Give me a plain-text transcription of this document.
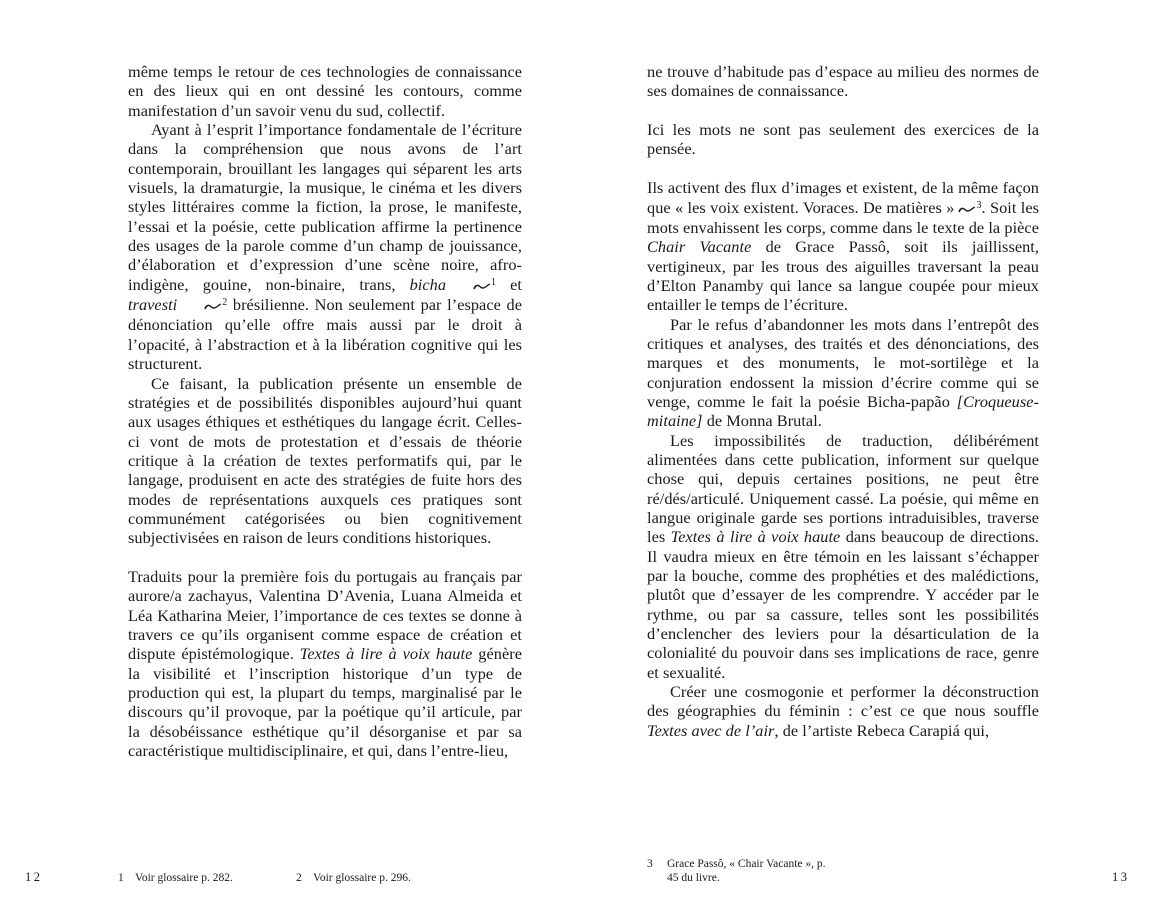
même temps le retour de ces technologies de connaissance en des lieux qui en ont dessiné les contours, comme manifestation d’un savoir venu du sud, collectif.

Ayant à l’esprit l’importance fondamentale de l’écriture dans la compréhension que nous avons de l’art contemporain, brouillant les langages qui séparent les arts visuels, la dramaturgie, la musique, le cinéma et les divers styles littéraires comme la fiction, la prose, le manifeste, l’essai et la poésie, cette publication affirme la pertinence des usages de la parole comme d’un champ de jouissance, d’élaboration et d’expression d’une scène noire, afro-indigène, gouine, non-binaire, trans, bicha	$^1$ et travesti	$^2$ brésilienne. Non seulement par l’espace de dénonciation qu’elle offre mais aussi par le droit à l’opacité, à l’abstraction et à la libération cognitive qui les structurent.

Ce faisant, la publication présente un ensemble de stratégies et de possibilités disponibles aujourd’hui quant aux usages éthiques et esthétiques du langage écrit. Celles-ci vont de mots de protestation et d’essais de théorie critique à la création de textes performatifs qui, par le langage, produisent en acte des stratégies de fuite hors des modes de représentations auxquels ces pratiques sont communément catégorisées ou bien cognitivement subjectivisées en raison de leurs conditions historiques.

Traduits pour la première fois du portugais au français par aurore/a zachayus, Valentina D’Avenia, Luana Almeida et Léa Katharina Meier, l’importance de ces textes se donne à travers ce qu’ils organisent comme espace de création et dispute épistémologique. Textes à lire à voix haute génère la visibilité et l’inscription historique d’un type de production qui est, la plupart du temps, marginalisé par le discours qu’il provoque, par la poétique qu’il articule, par la désobéissance esthétique qu’il désorganise et par sa caractéristique multidisciplinaire, et qui, dans l’entre-lieu,

ne trouve d’habitude pas d’espace au milieu des normes de ses domaines de connaissance.

Ici les mots ne sont pas seulement des exercices de la pensée.

Ils activent des flux d’images et existent, de la même façon que « les voix existent. Voraces. De matières » $^3$. Soit les mots envahissent les corps, comme dans le texte de la pièce Chair Vacante de Grace Passô, soit ils jaillissent, vertigineux, par les trous des aiguilles traversant la peau d’Elton Panamby qui lance sa langue coupée pour mieux entailler le temps de l’écriture.

Par le refus d’abandonner les mots dans l’entrepôt des critiques et analyses, des traités et des dénonciations, des marques et des monuments, le mot-sortilège et la conjuration endossent la mission d’écrire comme qui se venge, comme le fait la poésie Bicha-papão [Croqueuse-mitaine] de Monna Brutal.

Les impossibilités de traduction, délibérément alimentées dans cette publication, informent sur quelque chose qui, depuis certaines positions, ne peut être ré/dés/articulé. Uniquement cassé. La poésie, qui même en langue originale garde ses portions intraduisibles, traverse les Textes à lire à voix haute dans beaucoup de directions. Il vaudra mieux en être témoin en les laissant s’échapper par la bouche, comme des prophéties et des malédictions, plutôt que d’essayer de les comprendre. Y accéder par le rythme, ou par sa cassure, telles sont les possibilités d’enclencher des leviers pour la désarticulation de la colonialité du pouvoir dans ses implications de race, genre et sexualité.

Créer une cosmogonie et performer la déconstruction des géographies du féminin : c’est ce que nous souffle Textes avec de l’air, de l’artiste Rebeca Carapiá qui,

12	1 Voir glossaire p. 282.	2 Voir glossaire p. 296.
3	Grace Passô, « Chair Vacante », p. 45 du livre.	13
